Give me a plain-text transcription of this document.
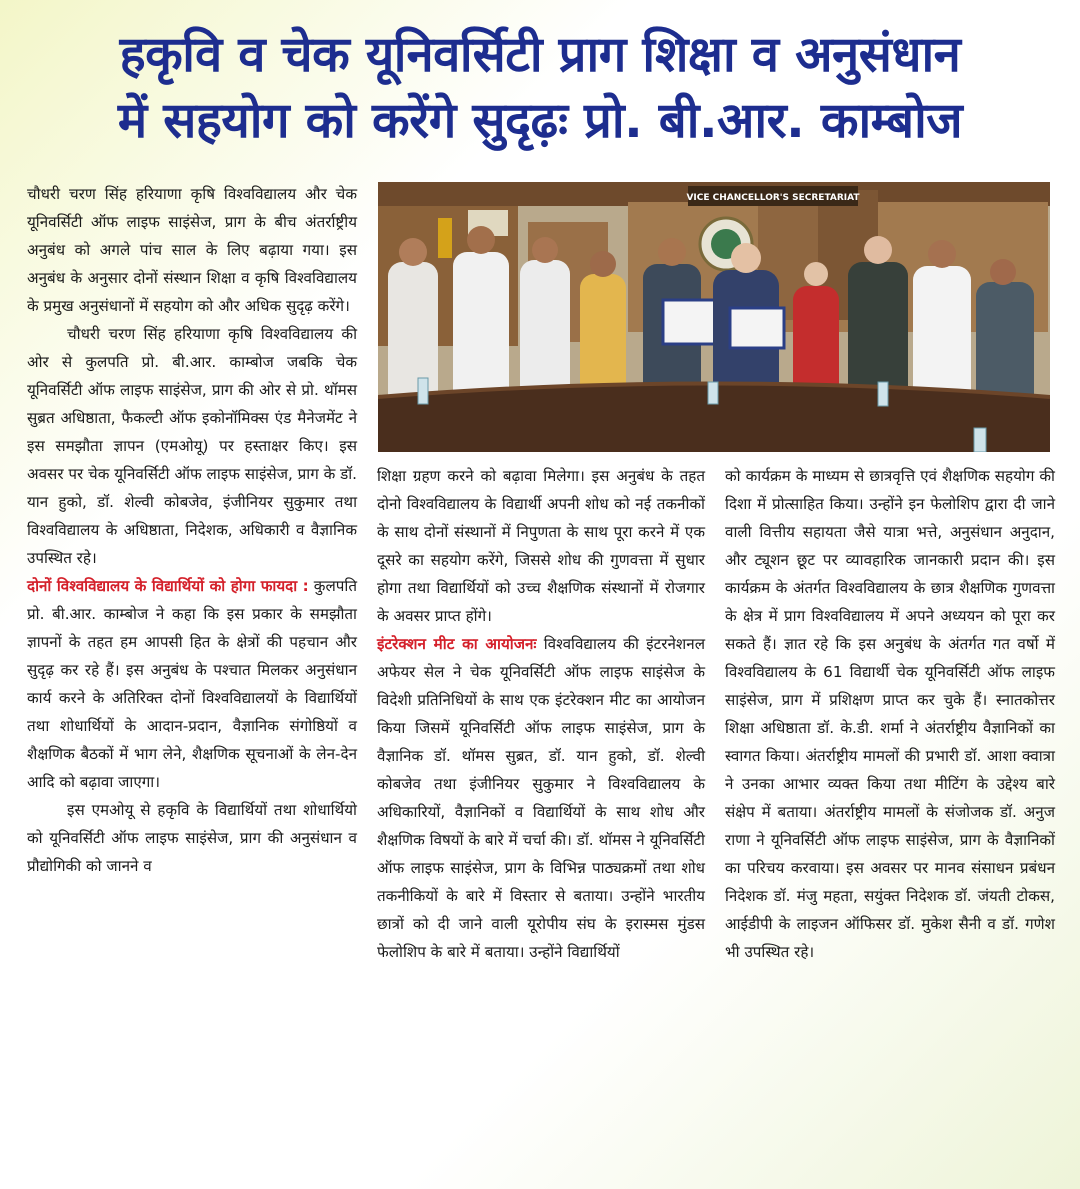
हकृवि व चेक यूनिवर्सिटी प्राग शिक्षा व अनुसंधान
में सहयोग को करेंगे सुदृढ़ः प्रो. बी.आर. काम्बोज

चौधरी चरण सिंह हरियाणा कृषि विश्वविद्यालय और चेक यूनिवर्सिटी ऑफ लाइफ साइंसेज, प्राग के बीच अंतर्राष्ट्रीय अनुबंध को अगले पांच साल के लिए बढ़ाया गया। इस अनुबंध के अनुसार दोनों संस्थान शिक्षा व कृषि विश्वविद्यालय के प्रमुख अनुसंधानों में सहयोग को और अधिक सुदृढ़ करेंगे।

चौधरी चरण सिंह हरियाणा कृषि विश्वविद्यालय की ओर से कुलपति प्रो. बी.आर. काम्बोज जबकि चेक यूनिवर्सिटी ऑफ लाइफ साइंसेज, प्राग की ओर से प्रो. थॉमस सुब्रत अधिष्ठाता, फैकल्टी ऑफ इकोनॉमिक्स एंड मैनेजमेंट ने इस समझौता ज्ञापन (एमओयू) पर हस्ताक्षर किए। इस अवसर पर चेक यूनिवर्सिटी ऑफ लाइफ साइंसेज, प्राग के डॉ. यान हुको, डॉ. शेल्वी कोबजेव, इंजीनियर सुकुमार तथा विश्वविद्यालय के अधिष्ठाता, निदेशक, अधिकारी व वैज्ञानिक उपस्थित रहे।

दोनों विश्वविद्यालय के विद्यार्थियों को होगा फायदा : कुलपति प्रो. बी.आर. काम्बोज ने कहा कि इस प्रकार के समझौता ज्ञापनों के तहत हम आपसी हित के क्षेत्रों की पहचान और सुदृढ़ कर रहे हैं। इस अनुबंध के पश्चात मिलकर अनुसंधान कार्य करने के अतिरिक्त दोनों विश्वविद्यालयों के विद्यार्थियों तथा शोधार्थियों के आदान-प्रदान, वैज्ञानिक संगोष्ठियों व शैक्षणिक बैठकों में भाग लेने, शैक्षणिक सूचनाओं के लेन-देन आदि को बढ़ावा जाएगा।

इस एमओयू से हकृवि के विद्यार्थियों तथा शोधार्थियो को यूनिवर्सिटी ऑफ लाइफ साइंसेज, प्राग की अनुसंधान व प्रौद्योगिकी को जानने व

VICE CHANCELLOR'S SECRETARIAT

शिक्षा ग्रहण करने को बढ़ावा मिलेगा। इस अनुबंध के तहत दोनो विश्वविद्यालय के विद्यार्थी अपनी शोध को नई तकनीकों के साथ दोनों संस्थानों में निपुणता के साथ पूरा करने में एक दूसरे का सहयोग करेंगे, जिससे शोध की गुणवत्ता में सुधार होगा तथा विद्यार्थियों को उच्च शैक्षणिक संस्थानों में रोजगार के अवसर प्राप्त होंगे।

इंटरेक्शन मीट का आयोजनः विश्वविद्यालय की इंटरनेशनल अफेयर सेल ने चेक यूनिवर्सिटी ऑफ लाइफ साइंसेज के विदेशी प्रतिनिधियों के साथ एक इंटरेक्शन मीट का आयोजन किया जिसमें यूनिवर्सिटी ऑफ लाइफ साइंसेज, प्राग के वैज्ञानिक डॉ. थॉमस सुब्रत, डॉ. यान हुको, डॉ. शेल्वी कोबजेव तथा इंजीनियर सुकुमार ने विश्वविद्यालय के अधिकारियों, वैज्ञानिकों व विद्यार्थियों के साथ शोध और शैक्षणिक विषयों के बारे में चर्चा की। डॉ. थॉमस ने यूनिवर्सिटी ऑफ लाइफ साइंसेज, प्राग के विभिन्न पाठ्यक्रमों तथा शोध तकनीकियों के बारे में विस्तार से बताया। उन्होंने भारतीय छात्रों को दी जाने वाली यूरोपीय संघ के इरास्मस मुंडस फेलोशिप के बारे में बताया। उन्होंने विद्यार्थियों

को कार्यक्रम के माध्यम से छात्रवृत्ति एवं शैक्षणिक सहयोग की दिशा में प्रोत्साहित किया। उन्होंने इन फेलोशिप द्वारा दी जाने वाली वित्तीय सहायता जैसे यात्रा भत्ते, अनुसंधान अनुदान, और ट्यूशन छूट पर व्यावहारिक जानकारी प्रदान की। इस कार्यक्रम के अंतर्गत विश्वविद्यालय के छात्र शैक्षणिक गुणवत्ता के क्षेत्र में प्राग विश्वविद्यालय में अपने अध्ययन को पूरा कर सकते हैं। ज्ञात रहे कि इस अनुबंध के अंतर्गत गत वर्षो में विश्वविद्यालय के 61 विद्यार्थी चेक यूनिवर्सिटी ऑफ लाइफ साइंसेज, प्राग में प्रशिक्षण प्राप्त कर चुके हैं। स्नातकोत्तर शिक्षा अधिष्ठाता डॉ. के.डी. शर्मा ने अंतर्राष्ट्रीय वैज्ञानिकों का स्वागत किया। अंतर्राष्ट्रीय मामलों की प्रभारी डॉ. आशा क्वात्रा ने उनका आभार व्यक्त किया तथा मीटिंग के उद्देश्य बारे संक्षेप में बताया। अंतर्राष्ट्रीय मामलों के संजोजक डॉ. अनुज राणा ने यूनिवर्सिटी ऑफ लाइफ साइंसेज, प्राग के वैज्ञानिकों का परिचय करवाया। इस अवसर पर मानव संसाधन प्रबंधन निदेशक डॉ. मंजु महता, सयुंक्त निदेशक डॉ. जंयती टोकस, आईडीपी के लाइजन ऑफिसर डॉ. मुकेश सैनी व डॉ. गणेश भी उपस्थित रहे।
